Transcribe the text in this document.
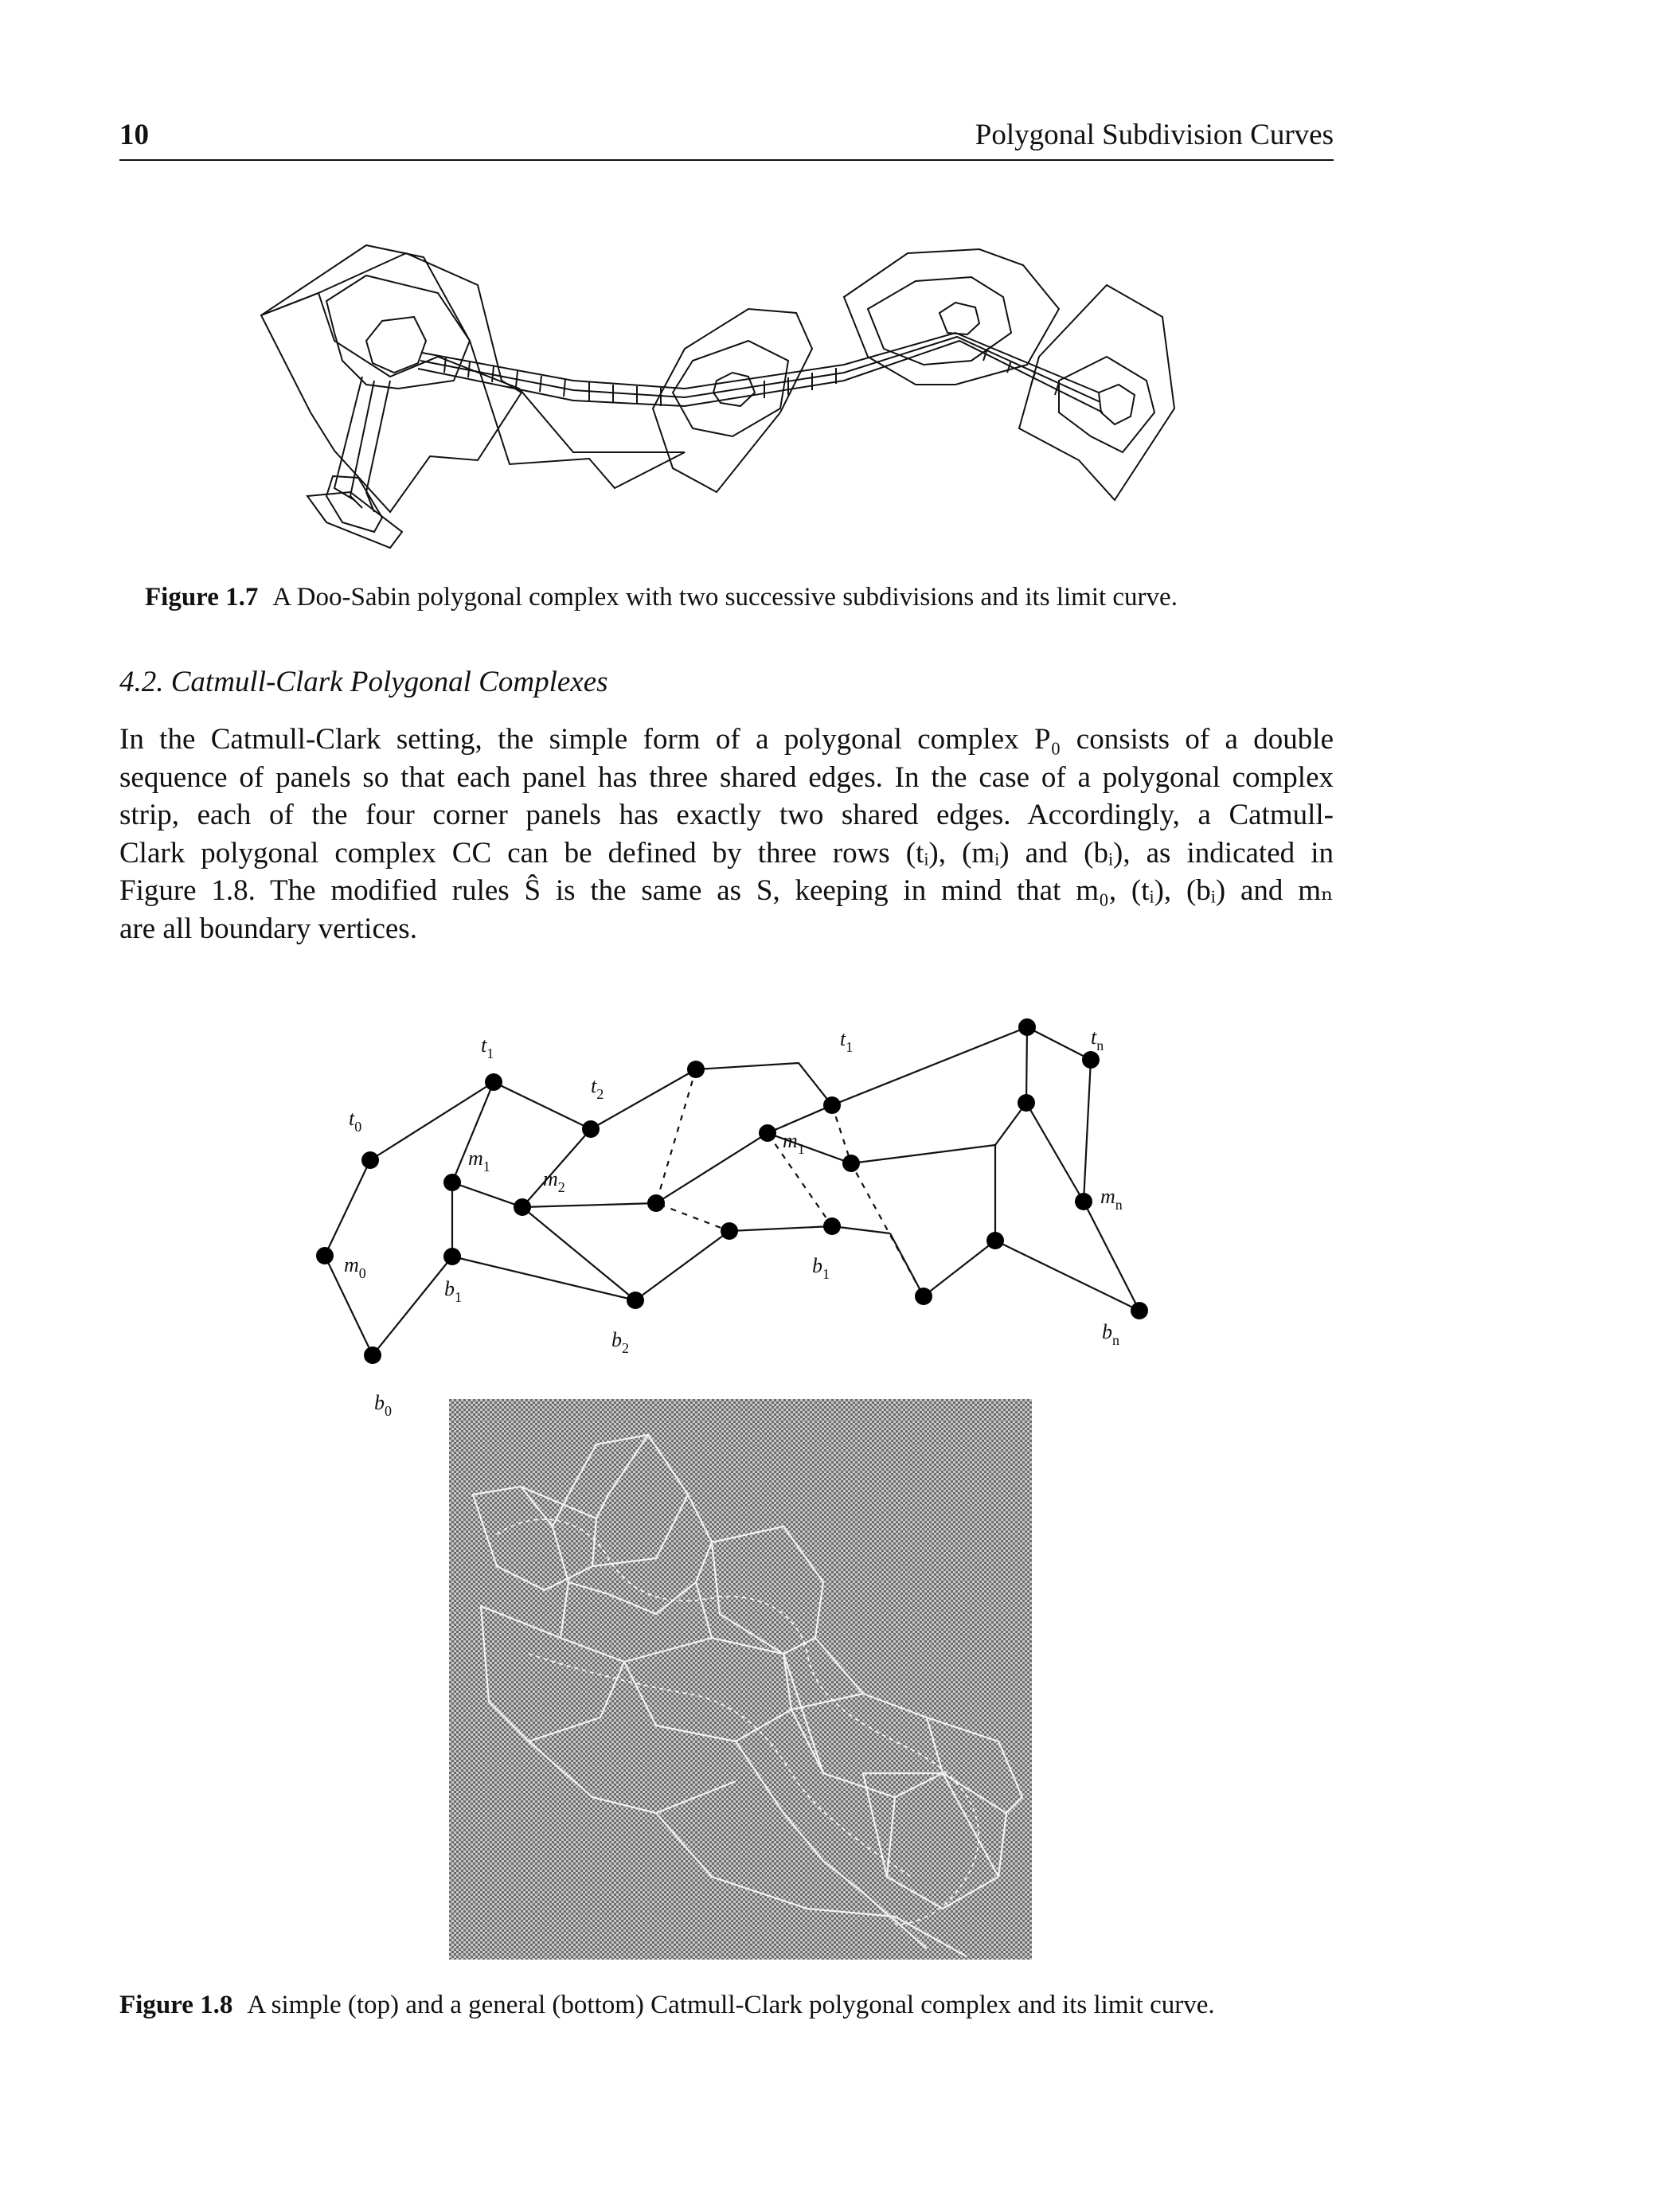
10	Polygonal Subdivision Curves
Figure 1.7 A Doo-Sabin polygonal complex with two successive subdivisions and its limit curve.
4.2. Catmull-Clark Polygonal Complexes
In the Catmull-Clark setting, the simple form of a polygonal complex P₀ consists of a double
sequence of panels so that each panel has three shared edges. In the case of a polygonal complex
strip, each of the four corner panels has exactly two shared edges. Accordingly, a Catmull-
Clark polygonal complex CC can be defined by three rows (tᵢ), (mᵢ) and (bᵢ), as indicated in
Figure 1.8. The modified rules Ŝ is the same as S, keeping in mind that m₀, (tᵢ), (bᵢ) and mₙ
are all boundary vertices.
$t_0$
$t_1$
$t_2$
$t_1$	$t_n$
$m_0$
$m_1$
$m_2$
$m_1$
$m_n$
$b_0$
$b_1$
$b_2$
$b_1$
$b_n$
Figure 1.8 A simple (top) and a general (bottom) Catmull-Clark polygonal complex and its limit curve.
